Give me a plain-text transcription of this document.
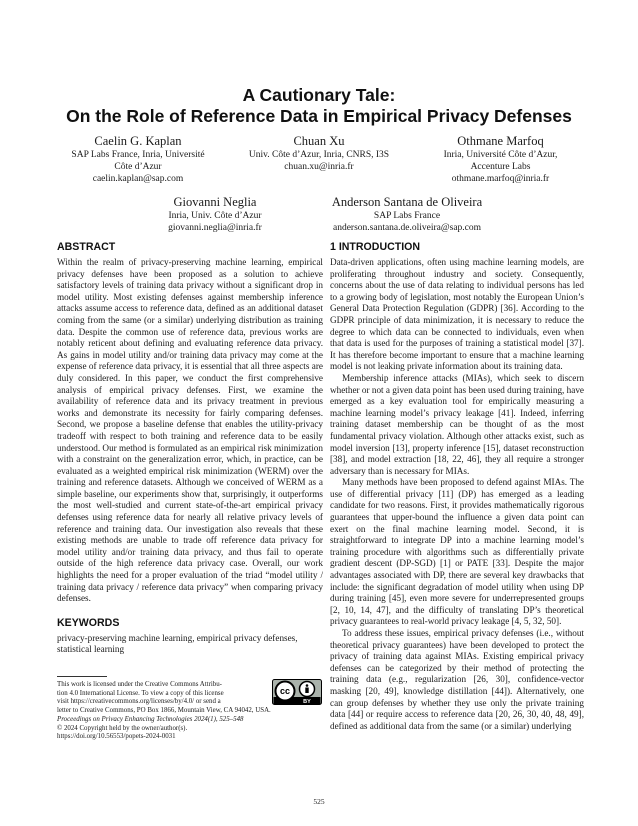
A Cautionary Tale:
On the Role of Reference Data in Empirical Privacy Defenses
Caelin G. Kaplan
SAP Labs France, Inria, Université
Côte d’Azur
caelin.kaplan@sap.com
Chuan Xu
Univ. Côte d’Azur, Inria, CNRS, I3S
chuan.xu@inria.fr
Othmane Marfoq
Inria, Université Côte d’Azur,
Accenture Labs
othmane.marfoq@inria.fr
Giovanni Neglia
Inria, Univ. Côte d’Azur
giovanni.neglia@inria.fr
Anderson Santana de Oliveira
SAP Labs France
anderson.santana.de.oliveira@sap.com
ABSTRACT

Within the realm of privacy-preserving machine learning, empirical privacy defenses have been proposed as a solution to achieve satisfactory levels of training data privacy without a significant drop in model utility. Most existing defenses against membership inference attacks assume access to reference data, defined as an additional dataset coming from the same (or a similar) underlying distribution as training data. Despite the common use of reference data, previous works are notably reticent about defining and evaluating reference data privacy. As gains in model utility and/or training data privacy may come at the expense of reference data privacy, it is essential that all three aspects are duly considered. In this paper, we conduct the first comprehensive analysis of empirical privacy defenses. First, we examine the availability of reference data and its privacy treatment in previous works and demonstrate its necessity for fairly comparing defenses. Second, we propose a baseline defense that enables the utility-privacy tradeoff with respect to both training and reference data to be easily understood. Our method is formulated as an empirical risk minimization with a constraint on the generalization error, which, in practice, can be evaluated as a weighted empirical risk minimization (WERM) over the training and reference datasets. Although we conceived of WERM as a simple baseline, our experiments show that, surprisingly, it outperforms the most well-studied and current state-of-the-art empirical privacy defenses using reference data for nearly all relative privacy levels of reference and training data. Our investigation also reveals that these existing methods are unable to trade off reference data privacy for model utility and/or training data privacy, and thus fail to operate outside of the high reference data privacy case. Overall, our work highlights the need for a proper evaluation of the triad “model utility / training data privacy / reference data privacy” when comparing privacy defenses.

KEYWORDS

privacy-preserving machine learning, empirical privacy defenses, statistical learning

This work is licensed under the Creative Commons Attribu-
tion 4.0 International License. To view a copy of this license
visit https://creativecommons.org/licenses/by/4.0/ or send a
letter to Creative Commons, PO Box 1866, Mountain View, CA 94042, USA.
Proceedings on Privacy Enhancing Technologies 2024(1), 525–548
© 2024 Copyright held by the owner/author(s).
https://doi.org/10.56553/popets-2024-0031
cc
BY
1 INTRODUCTION

Data-driven applications, often using machine learning models, are proliferating throughout industry and society. Consequently, concerns about the use of data relating to individual persons has led to a growing body of legislation, most notably the European Union’s General Data Protection Regulation (GDPR) [36]. According to the GDPR principle of data minimization, it is necessary to reduce the degree to which data can be connected to individuals, even when that data is used for the purposes of training a statistical model [37]. It has therefore become important to ensure that a machine learning model is not leaking private information about its training data.

Membership inference attacks (MIAs), which seek to discern whether or not a given data point has been used during training, have emerged as a key evaluation tool for empirically measuring a machine learning model’s privacy leakage [41]. Indeed, inferring training dataset membership can be thought of as the most fundamental privacy violation. Although other attacks exist, such as model inversion [13], property inference [15], dataset reconstruction [38], and model extraction [18, 22, 46], they all require a stronger adversary than is necessary for MIAs.

Many methods have been proposed to defend against MIAs. The use of differential privacy [11] (DP) has emerged as a leading candidate for two reasons. First, it provides mathematically rigorous guarantees that upper-bound the influence a given data point can exert on the final machine learning model. Second, it is straightforward to integrate DP into a machine learning model’s training procedure with algorithms such as differentially private gradient descent (DP-SGD) [1] or PATE [33]. Despite the major advantages associated with DP, there are several key drawbacks that include: the significant degradation of model utility when using DP during training [45], even more severe for underrepresented groups [2, 10, 14, 47], and the difficulty of translating DP’s theoretical privacy guarantees to real-world privacy leakage [4, 5, 32, 50].

To address these issues, empirical privacy defenses (i.e., without theoretical privacy guarantees) have been developed to protect the privacy of training data against MIAs. Existing empirical privacy defenses can be categorized by their method of protecting the training data (e.g., regularization [26, 30], confidence-vector masking [20, 49], knowledge distillation [44]). Alternatively, one can group defenses by whether they use only the private training data [44] or require access to reference data [20, 26, 30, 40, 48, 49], defined as additional data from the same (or a similar) underlying

525
